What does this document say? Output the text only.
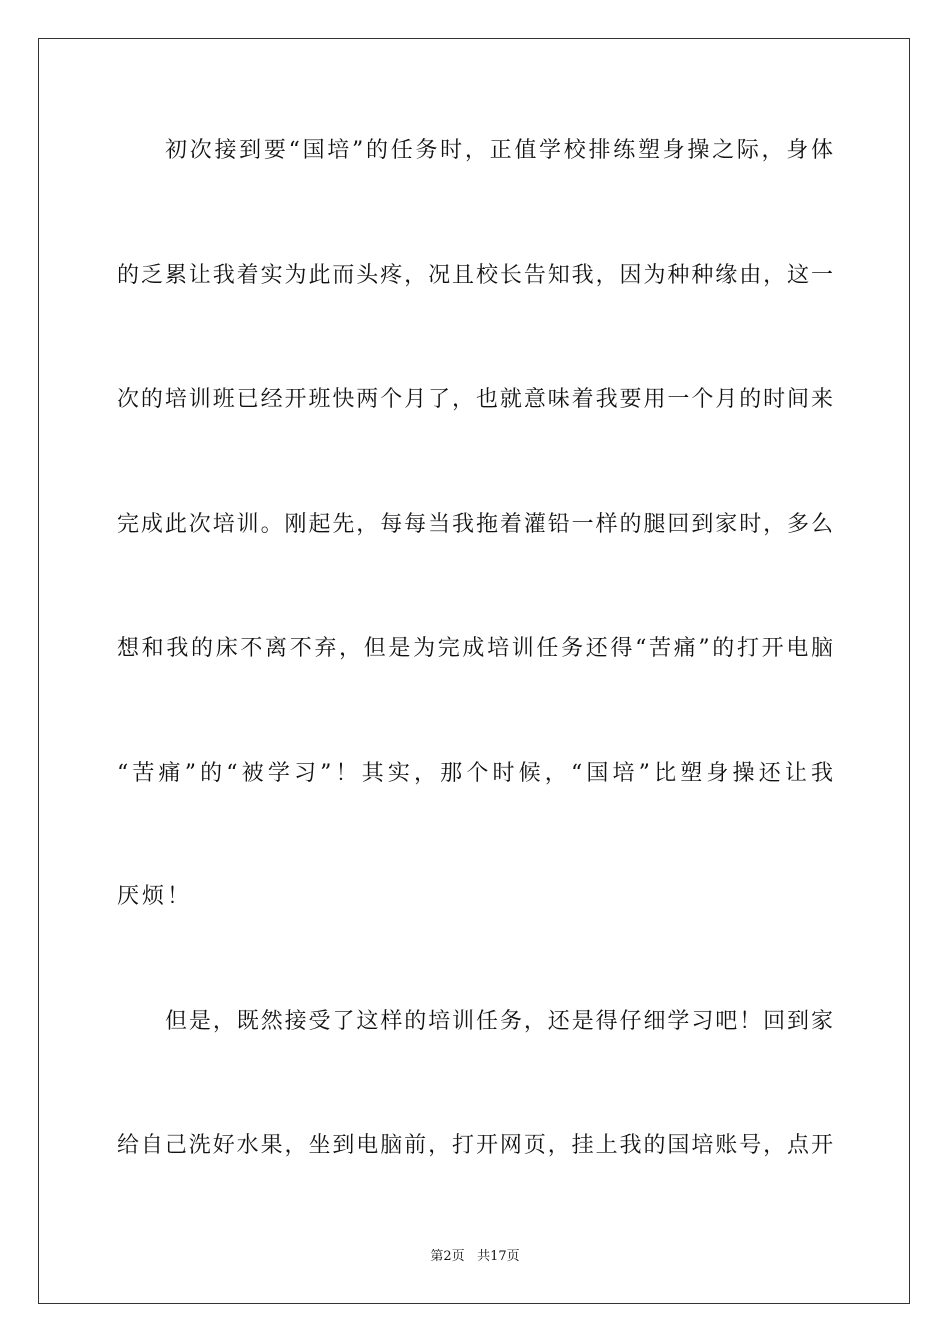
初次接到要“国培”的任务时，正值学校排练塑身操之际，身体
的乏累让我着实为此而头疼，况且校长告知我，因为种种缘由，这一
次的培训班已经开班快两个月了，也就意味着我要用一个月的时间来
完成此次培训。刚起先，每每当我拖着灌铅一样的腿回到家时，多么
想和我的床不离不弃，但是为完成培训任务还得“苦痛”的打开电脑
“苦痛”的“被学习”！其实，那个时候，“国培”比塑身操还让我
厌烦！
但是，既然接受了这样的培训任务，还是得仔细学习吧！回到家
给自己洗好水果，坐到电脑前，打开网页，挂上我的国培账号，点开
第2页 共17页
